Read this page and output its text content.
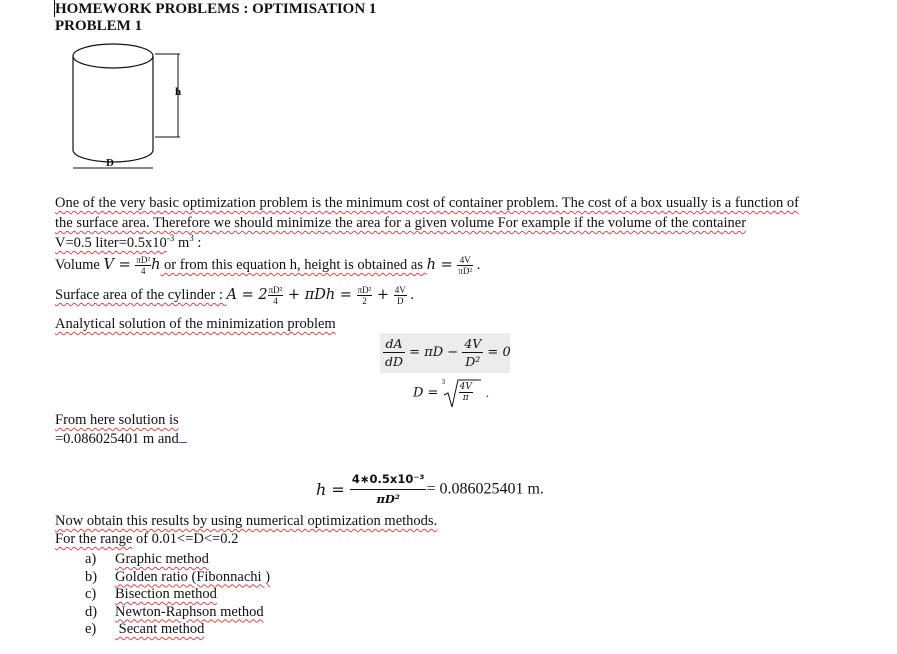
HOMEWORK PROBLEMS : OPTIMISATION 1
PROBLEM 1
h
D
One of the very basic optimization problem is the minimum cost of container problem. The cost of a box usually is a function of
the surface area. Therefore we should minimize the area for a given volume For example if the volume of the container
V=0.5 $liter=0.5x10^{-3}$ $m^3$ :
Volume $V = \frac{\text{πD²}}{4}$ h or from this equation h, height is obtained as $h = \frac{4V}{\text{πD²}}$ .
Surface area of the cylinder : $A = 2 \frac{\text{πD²}}{4} + \pi Dh = \frac{\text{πD²}}{2} + \frac{4V}{D}$ .
Analytical solution of the minimization problem
$\frac{dA}{dD} = \pi D - \frac{4V}{\text{D²}} = 0$
D =
$3 \frac{4V}{\pi}$ .
From here solution is
=0.086025401 m and
$h = \frac{\text{4∗0.5x10⁻³}}{\text{πD²}} = 0.086025401$ m.
Now obtain this results by using numerical optimization methods.
For the range of 0.01<=D<=0.2
a) Graphic method
b) Golden ratio (Fibonnachi )
c) Bisection method
d) Newton-Raphson method
e) Secant method
